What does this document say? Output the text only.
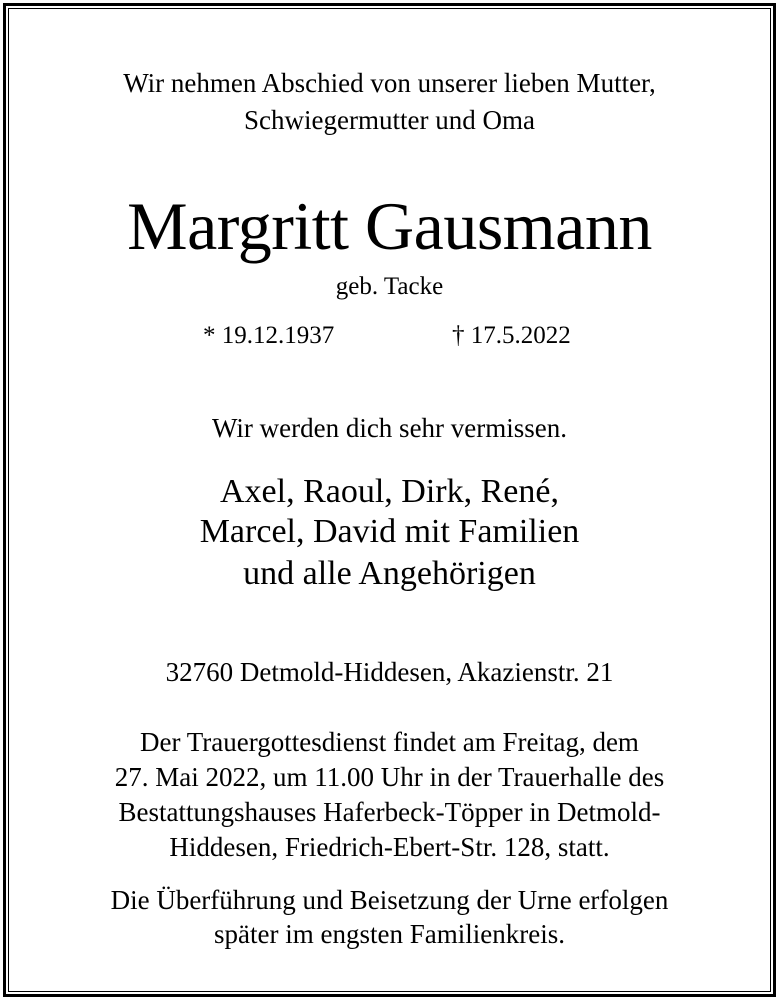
Wir nehmen Abschied von unserer lieben Mutter,

Schwiegermutter und Oma

Margritt Gausmann

geb. Tacke

* 19.12.1937	† 17.5.2022

Wir werden dich sehr vermissen.

Axel, Raoul, Dirk, René,

Marcel, David mit Familien

und alle Angehörigen

32760 Detmold-Hiddesen, Akazienstr. 21

Der Trauergottesdienst findet am Freitag, dem

27. Mai 2022, um 11.00 Uhr in der Trauerhalle des

Bestattungshauses Haferbeck-Töpper in Detmold-

Hiddesen, Friedrich-Ebert-Str. 128, statt.

Die Überführung und Beisetzung der Urne erfolgen

später im engsten Familienkreis.
